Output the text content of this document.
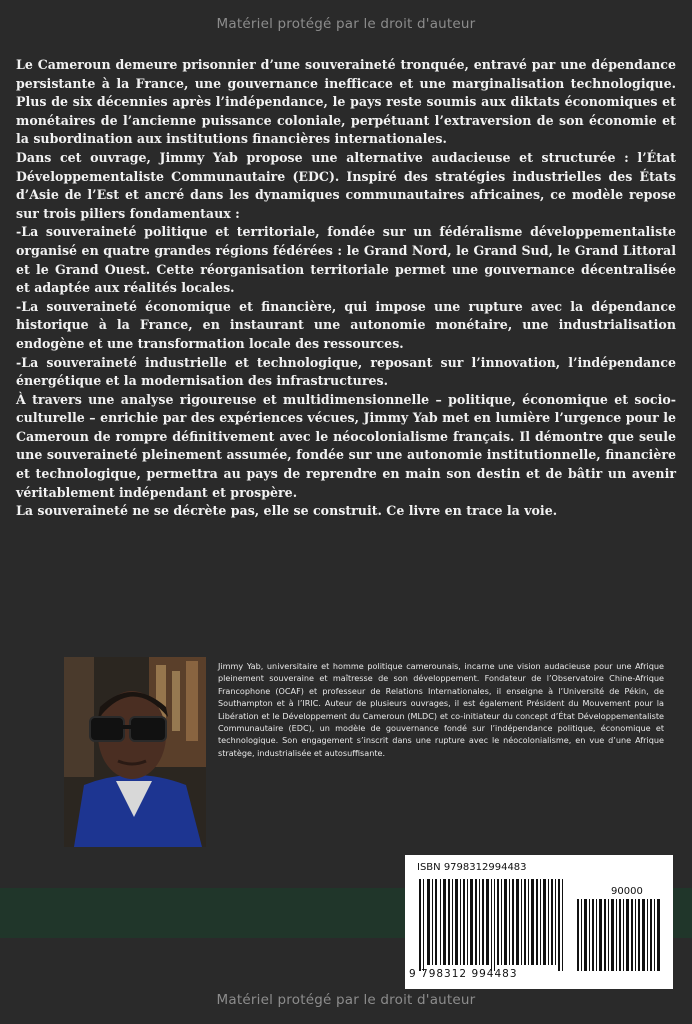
Matériel protégé par le droit d'auteur

Le Cameroun demeure prisonnier d’une souveraineté tronquée, entravé par une dépendance persistante à la France, une gouvernance inefficace et une marginalisation technologique. Plus de six décennies après l’indépendance, le pays reste soumis aux diktats économiques et monétaires de l’ancienne puissance coloniale, perpétuant l’extraversion de son économie et la subordination aux institutions financières internationales.

Dans cet ouvrage, Jimmy Yab propose une alternative audacieuse et structurée : l’État Développementaliste Communautaire (EDC). Inspiré des stratégies industrielles des États d’Asie de l’Est et ancré dans les dynamiques communautaires africaines, ce modèle repose sur trois piliers fondamentaux :

-La souveraineté politique et territoriale, fondée sur un fédéralisme développementaliste organisé en quatre grandes régions fédérées : le Grand Nord, le Grand Sud, le Grand Littoral et le Grand Ouest. Cette réorganisation territoriale permet une gouvernance décentralisée et adaptée aux réalités locales.

-La souveraineté économique et financière, qui impose une rupture avec la dépendance historique à la France, en instaurant une autonomie monétaire, une industrialisation endogène et une transformation locale des ressources.

-La souveraineté industrielle et technologique, reposant sur l’innovation, l’indépendance énergétique et la modernisation des infrastructures.

À travers une analyse rigoureuse et multidimensionnelle – politique, économique et socio-culturelle – enrichie par des expériences vécues, Jimmy Yab met en lumière l’urgence pour le Cameroun de rompre définitivement avec le néocolonialisme français. Il démontre que seule une souveraineté pleinement assumée, fondée sur une autonomie institutionnelle, financière et technologique, permettra au pays de reprendre en main son destin et de bâtir un avenir véritablement indépendant et prospère.

La souveraineté ne se décrète pas, elle se construit. Ce livre en trace la voie.

Jimmy Yab, universitaire et homme politique camerounais, incarne une vision audacieuse pour une Afrique pleinement souveraine et maîtresse de son développement. Fondateur de l’Observatoire Chine-Afrique Francophone (OCAF) et professeur de Relations Internationales, il enseigne à l’Université de Pékin, de Southampton et à l’IRIC. Auteur de plusieurs ouvrages, il est également Président du Mouvement pour la Libération et le Développement du Cameroun (MLDC) et co-initiateur du concept d’État Développementaliste Communautaire (EDC), un modèle de gouvernance fondé sur l’indépendance politique, économique et technologique. Son engagement s’inscrit dans une rupture avec le néocolonialisme, en vue d’une Afrique stratège, industrialisée et autosuffisante.
ISBN 9798312994483
90000
9 798312 994483
Matériel protégé par le droit d'auteur
